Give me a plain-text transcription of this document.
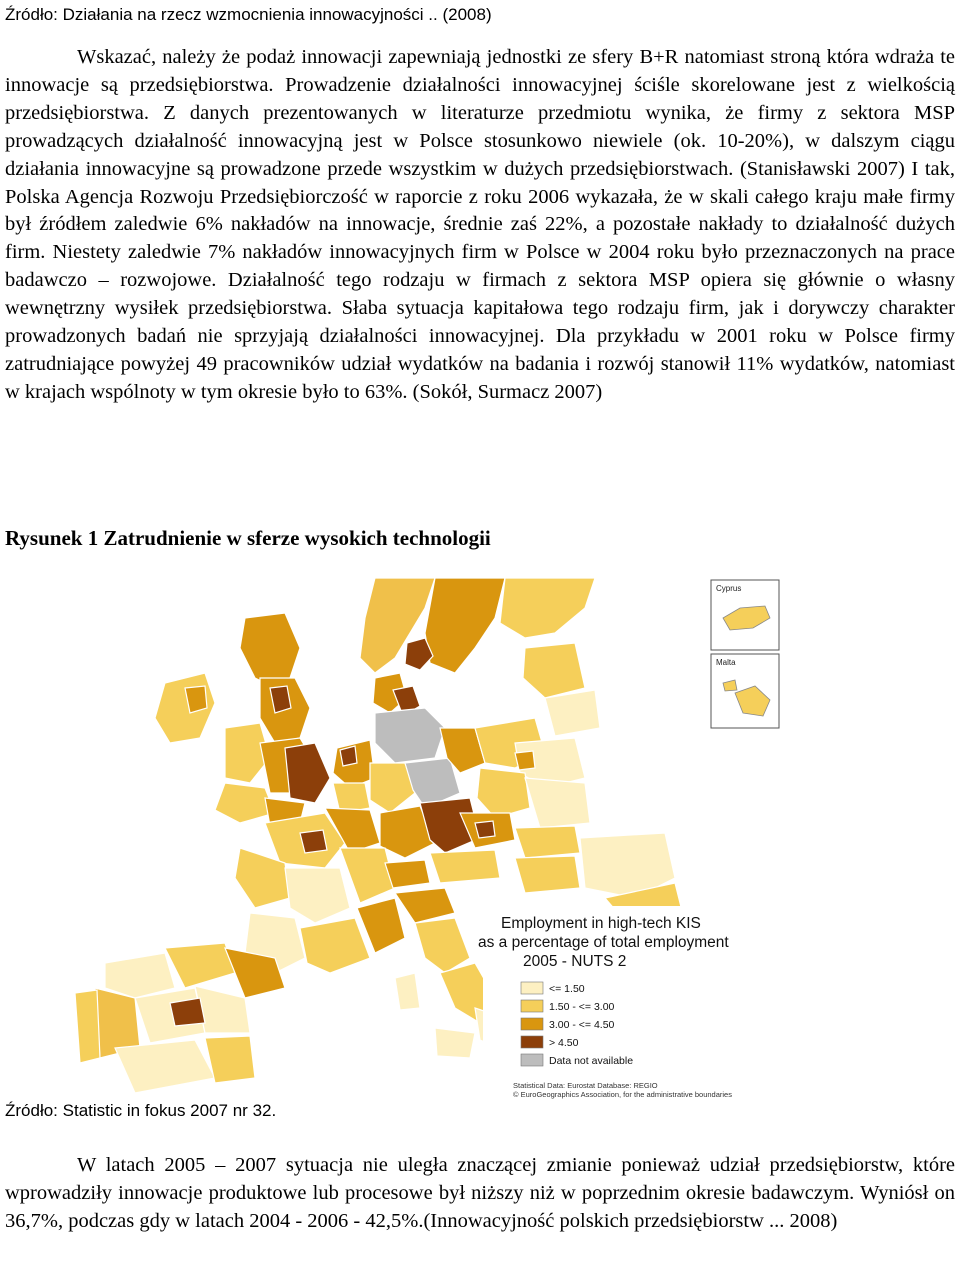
Źródło: Działania na rzecz wzmocnienia innowacyjności .. (2008)

Wskazać, należy że podaż innowacji zapewniają jednostki ze sfery B+R natomiast stroną która wdraża te innowacje są przedsiębiorstwa. Prowadzenie działalności innowacyjnej ściśle skorelowane jest z wielkością przedsiębiorstwa. Z danych prezentowanych w literaturze przedmiotu wynika, że firmy z sektora MSP prowadzących działalność innowacyjną jest w Polsce stosunkowo niewiele (ok. 10-20%), w dalszym ciągu działania innowacyjne są prowadzone przede wszystkim w dużych przedsiębiorstwach. (Stanisławski 2007) I tak, Polska Agencja Rozwoju Przedsiębiorczość w raporcie z roku 2006 wykazała, że w skali całego kraju małe firmy był źródłem zaledwie 6% nakładów na innowacje, średnie zaś 22%, a pozostałe nakłady to działalność dużych firm. Niestety zaledwie 7% nakładów innowacyjnych firm w Polsce w 2004 roku było przeznaczonych na prace badawczo – rozwojowe. Działalność tego rodzaju w firmach z sektora MSP opiera się głównie o własny wewnętrzny wysiłek przedsiębiorstwa. Słaba sytuacja kapitałowa tego rodzaju firm, jak i dorywczy charakter prowadzonych badań nie sprzyjają działalności innowacyjnej. Dla przykładu w 2001 roku w Polsce firmy zatrudniające powyżej 49 pracowników udział wydatków na badania i rozwój stanowił 11% wydatków, natomiast w krajach wspólnoty w tym okresie było to 63%. (Sokół, Surmacz 2007)

Rysunek 1 Zatrudnienie w sferze wysokich technologii
Cyprus
Malta
Employment in high-tech KIS
as a percentage of total employment
2005 - NUTS 2
<= 1.50
1.50 - <= 3.00
3.00 - <= 4.50
> 4.50
Data not available
Statistical Data: Eurostat Database: REGIO
© EuroGeographics Association, for the administrative boundaries
Źródło: Statistic in fokus 2007 nr 32.

W latach 2005 – 2007 sytuacja nie uległa znaczącej zmianie ponieważ udział przedsiębiorstw, które wprowadziły innowacje produktowe lub procesowe był niższy niż w poprzednim okresie badawczym. Wyniósł on 36,7%, podczas gdy w latach 2004 - 2006 - 42,5%.(Innowacyjność polskich przedsiębiorstw ... 2008)
